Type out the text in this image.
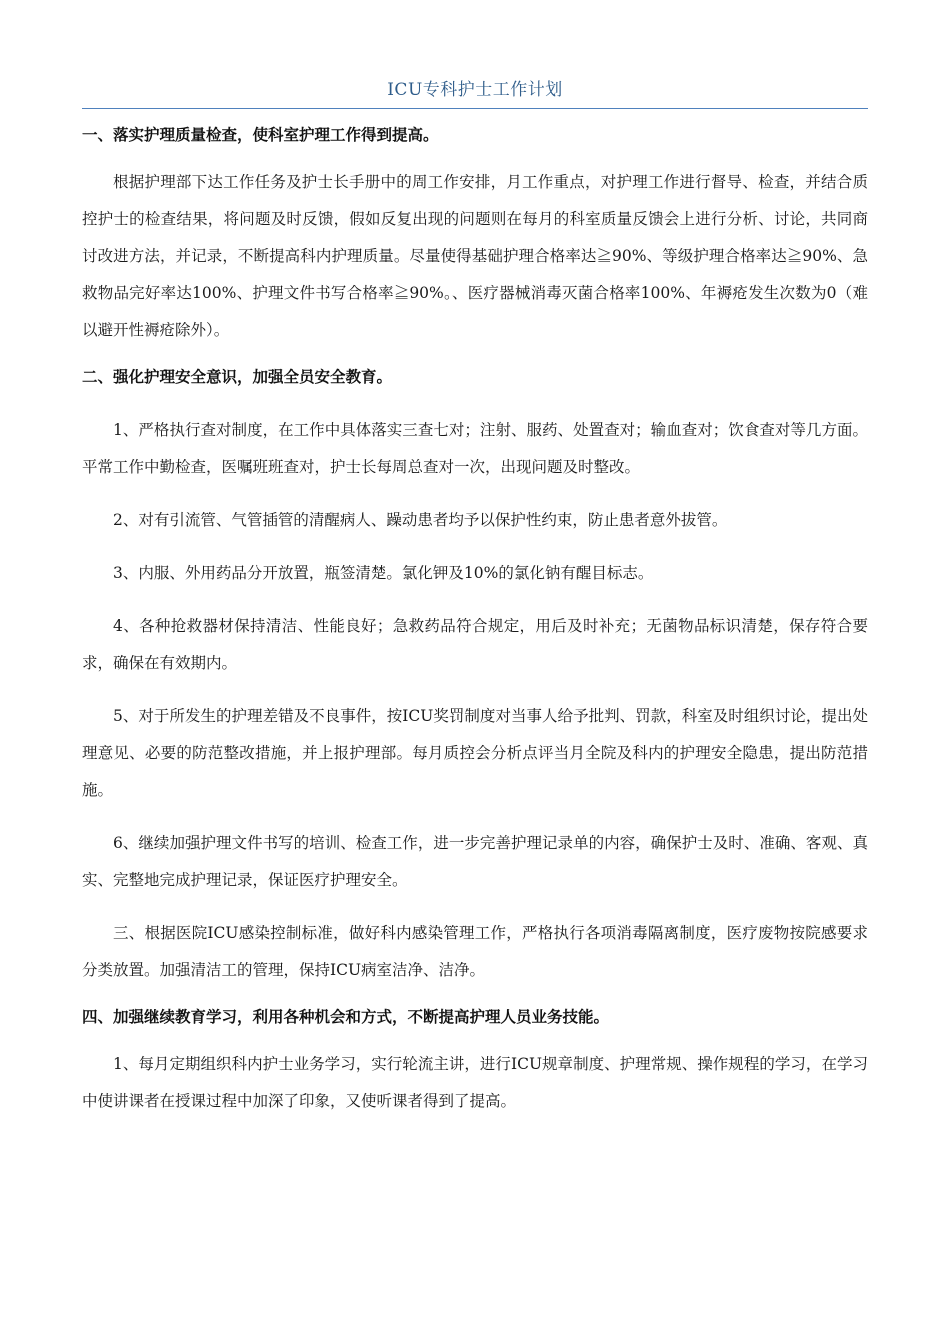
ICU专科护士工作计划
一、落实护理质量检查，使科室护理工作得到提高。

根据护理部下达工作任务及护士长手册中的周工作安排，月工作重点，对护理工作进行督导、检查，并结合质控护士的检查结果，将问题及时反馈，假如反复出现的问题则在每月的科室质量反馈会上进行分析、讨论，共同商讨改进方法，并记录，不断提高科内护理质量。尽量使得基础护理合格率达≧90%、等级护理合格率达≧90%、急救物品完好率达100%、护理文件书写合格率≧90%。、医疗器械消毒灭菌合格率100%、年褥疮发生次数为0（难以避开性褥疮除外）。

二、强化护理安全意识，加强全员安全教育。

1、严格执行查对制度，在工作中具体落实三查七对；注射、服药、处置查对；输血查对；饮食查对等几方面。平常工作中勤检查，医嘱班班查对，护士长每周总查对一次，出现问题及时整改。

2、对有引流管、气管插管的清醒病人、躁动患者均予以保护性约束，防止患者意外拔管。

3、内服、外用药品分开放置，瓶签清楚。氯化钾及10%的氯化钠有醒目标志。

4、各种抢救器材保持清洁、性能良好；急救药品符合规定，用后及时补充；无菌物品标识清楚，保存符合要求，确保在有效期内。

5、对于所发生的护理差错及不良事件，按ICU奖罚制度对当事人给予批判、罚款，科室及时组织讨论，提出处理意见、必要的防范整改措施，并上报护理部。每月质控会分析点评当月全院及科内的护理安全隐患，提出防范措施。

6、继续加强护理文件书写的培训、检查工作，进一步完善护理记录单的内容，确保护士及时、准确、客观、真实、完整地完成护理记录，保证医疗护理安全。

三、根据医院ICU感染控制标准，做好科内感染管理工作，严格执行各项消毒隔离制度，医疗废物按院感要求分类放置。加强清洁工的管理，保持ICU病室洁净、洁净。

四、加强继续教育学习，利用各种机会和方式，不断提高护理人员业务技能。

1、每月定期组织科内护士业务学习，实行轮流主讲，进行ICU规章制度、护理常规、操作规程的学习，在学习中使讲课者在授课过程中加深了印象，又使听课者得到了提高。
